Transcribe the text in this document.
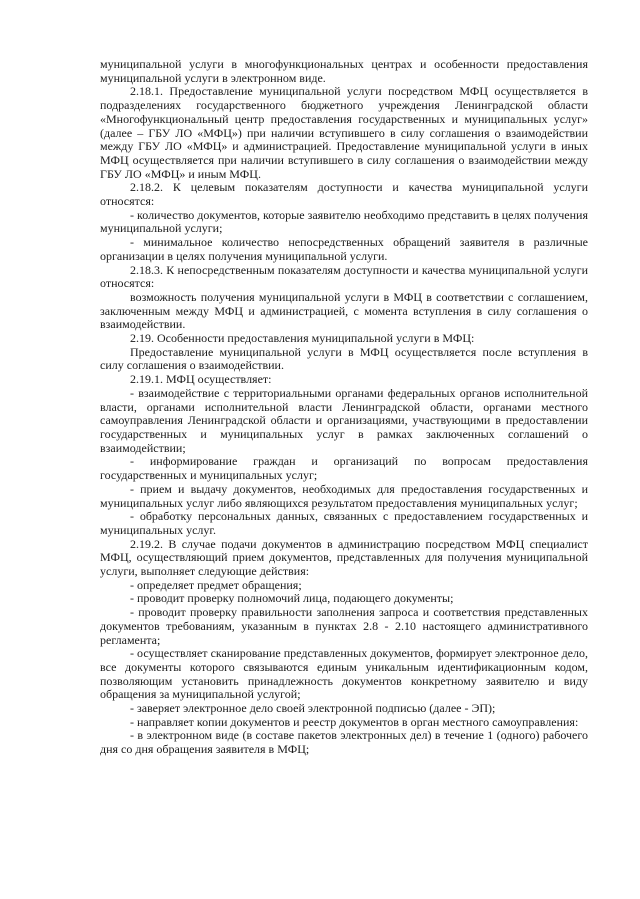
муниципальной услуги в многофункциональных центрах и особенности предоставления муниципальной услуги в электронном виде.

2.18.1. Предоставление муниципальной услуги посредством МФЦ осуществляется в подразделениях государственного бюджетного учреждения Ленинградской области «Многофункциональный центр предоставления государственных и муниципальных услуг» (далее – ГБУ ЛО «МФЦ») при наличии вступившего в силу соглашения о взаимодействии между ГБУ ЛО «МФЦ» и администрацией. Предоставление муниципальной услуги в иных МФЦ осуществляется при наличии вступившего в силу соглашения о взаимодействии между ГБУ ЛО «МФЦ» и иным МФЦ.

2.18.2. К целевым показателям доступности и качества муниципальной услуги относятся:

- количество документов, которые заявителю необходимо представить в целях получения муниципальной услуги;

- минимальное количество непосредственных обращений заявителя в различные организации в целях получения муниципальной услуги.

2.18.3. К непосредственным показателям доступности и качества муниципальной услуги относятся:

возможность получения муниципальной услуги в МФЦ в соответствии с соглашением, заключенным между МФЦ и администрацией, с момента вступления в силу соглашения о взаимодействии.

2.19. Особенности предоставления муниципальной услуги в МФЦ:

Предоставление муниципальной услуги в МФЦ осуществляется после вступления в силу соглашения о взаимодействии.

2.19.1. МФЦ осуществляет:

- взаимодействие с территориальными органами федеральных органов исполнительной власти, органами исполнительной власти Ленинградской области, органами местного самоуправления Ленинградской области и организациями, участвующими в предоставлении государственных и муниципальных услуг в рамках заключенных соглашений о взаимодействии;

- информирование граждан и организаций по вопросам предоставления государственных и муниципальных услуг;

- прием и выдачу документов, необходимых для предоставления государственных и муниципальных услуг либо являющихся результатом предоставления муниципальных услуг;

- обработку персональных данных, связанных с предоставлением государственных и муниципальных услуг.

2.19.2. В случае подачи документов в администрацию посредством МФЦ специалист МФЦ, осуществляющий прием документов, представленных для получения муниципальной услуги, выполняет следующие действия:

- определяет предмет обращения;

- проводит проверку полномочий лица, подающего документы;

- проводит проверку правильности заполнения запроса и соответствия представленных документов требованиям, указанным в пунктах 2.8 - 2.10 настоящего административного регламента;

- осуществляет сканирование представленных документов, формирует электронное дело, все документы которого связываются единым уникальным идентификационным кодом, позволяющим установить принадлежность документов конкретному заявителю и виду обращения за муниципальной услугой;

- заверяет электронное дело своей электронной подписью (далее - ЭП);

- направляет копии документов и реестр документов в орган местного самоуправления:

- в электронном виде (в составе пакетов электронных дел) в течение 1 (одного) рабочего дня со дня обращения заявителя в МФЦ;
